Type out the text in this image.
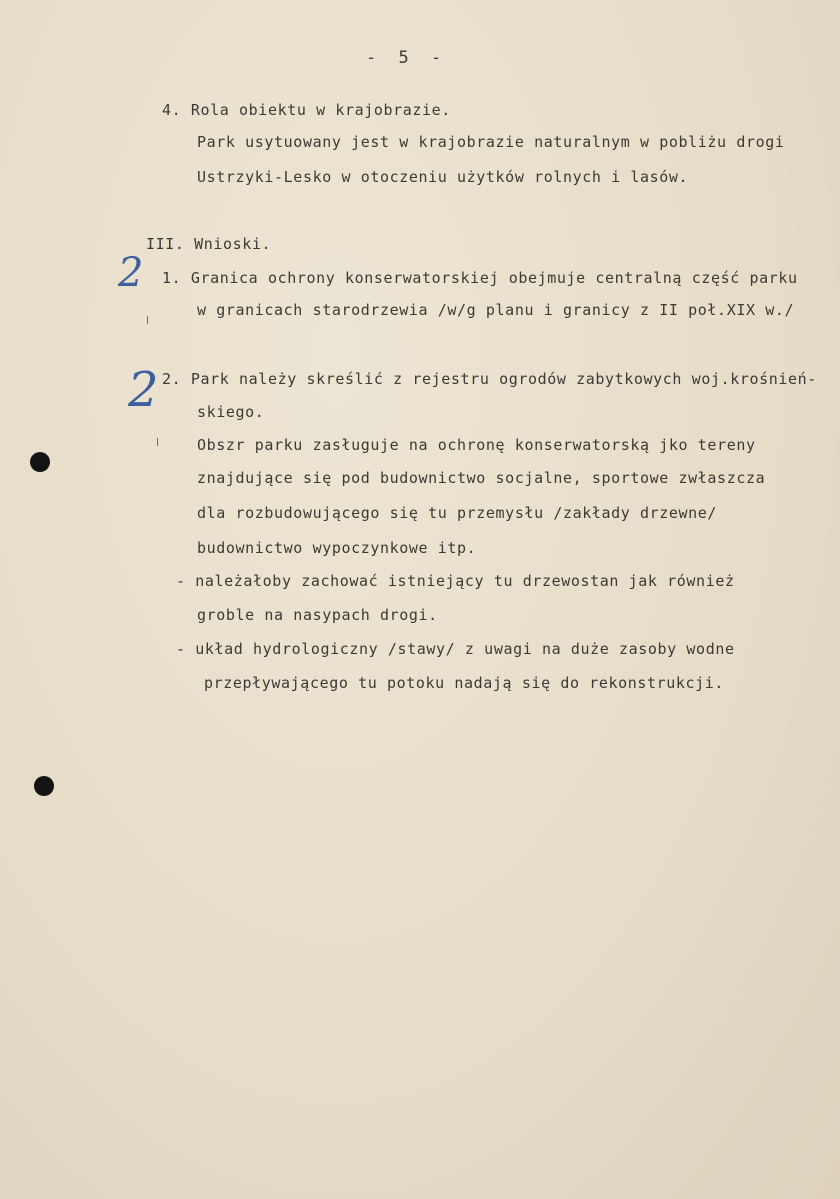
- 5 -
4. Rola obiektu w krajobrazie.
Park usytuowany jest w krajobrazie naturalnym w pobliżu drogi
Ustrzyki-Lesko w otoczeniu użytków rolnych i lasów.
III. Wnioski.
1. Granica ochrony konserwatorskiej obejmuje centralną część parku
w granicach starodrzewia /w/g planu i granicy z II poł.XIX w./
2. Park należy skreślić z rejestru ogrodów zabytkowych woj.krośnień-
skiego.
Obszr parku zasługuje na ochronę konserwatorską jko tereny
znajdujące się pod budownictwo socjalne, sportowe zwłaszcza
dla rozbudowującego się tu przemysłu /zakłady drzewne/
budownictwo wypoczynkowe itp.
- należałoby zachować istniejący tu drzewostan jak również
groble na nasypach drogi.
- układ hydrologiczny /stawy/ z uwagi na duże zasoby wodne
przepływającego tu potoku nadają się do rekonstrukcji.
2
2
